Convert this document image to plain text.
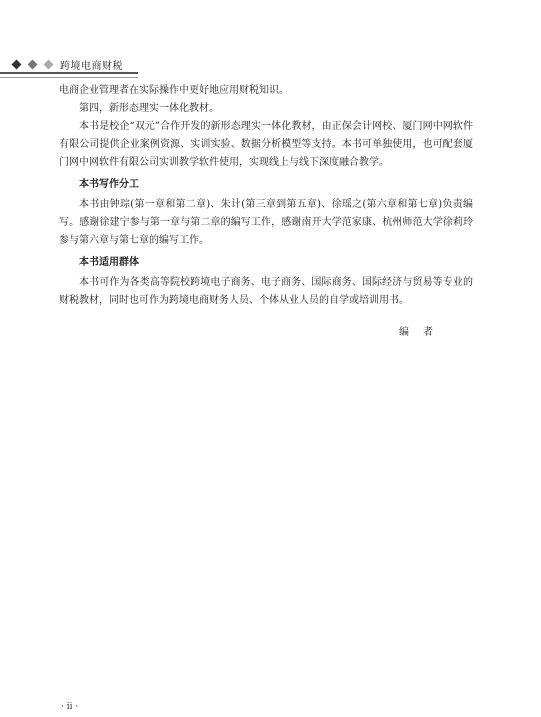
跨境电商财税

电商企业管理者在实际操作中更好地应用财税知识。

第四，新形态理实一体化教材。

本书是校企“双元”合作开发的新形态理实一体化教材，由正保会计网校、厦门网中网软件有限公司提供企业案例资源、实训实验、数据分析模型等支持。本书可单独使用，也可配套厦门网中网软件有限公司实训教学软件使用，实现线上与线下深度融合教学。

本书写作分工

本书由钟琮(第一章和第二章)、朱计(第三章到第五章)、徐瑶之(第六章和第七章)负责编写。感谢徐建宁参与第一章与第二章的编写工作，感谢南开大学范家康、杭州师范大学徐莉玲参与第六章与第七章的编写工作。

本书适用群体

本书可作为各类高等院校跨境电子商务、电子商务、国际商务、国际经济与贸易等专业的财税教材，同时也可作为跨境电商财务人员、个体从业人员的自学或培训用书。

编者
· ii ·
